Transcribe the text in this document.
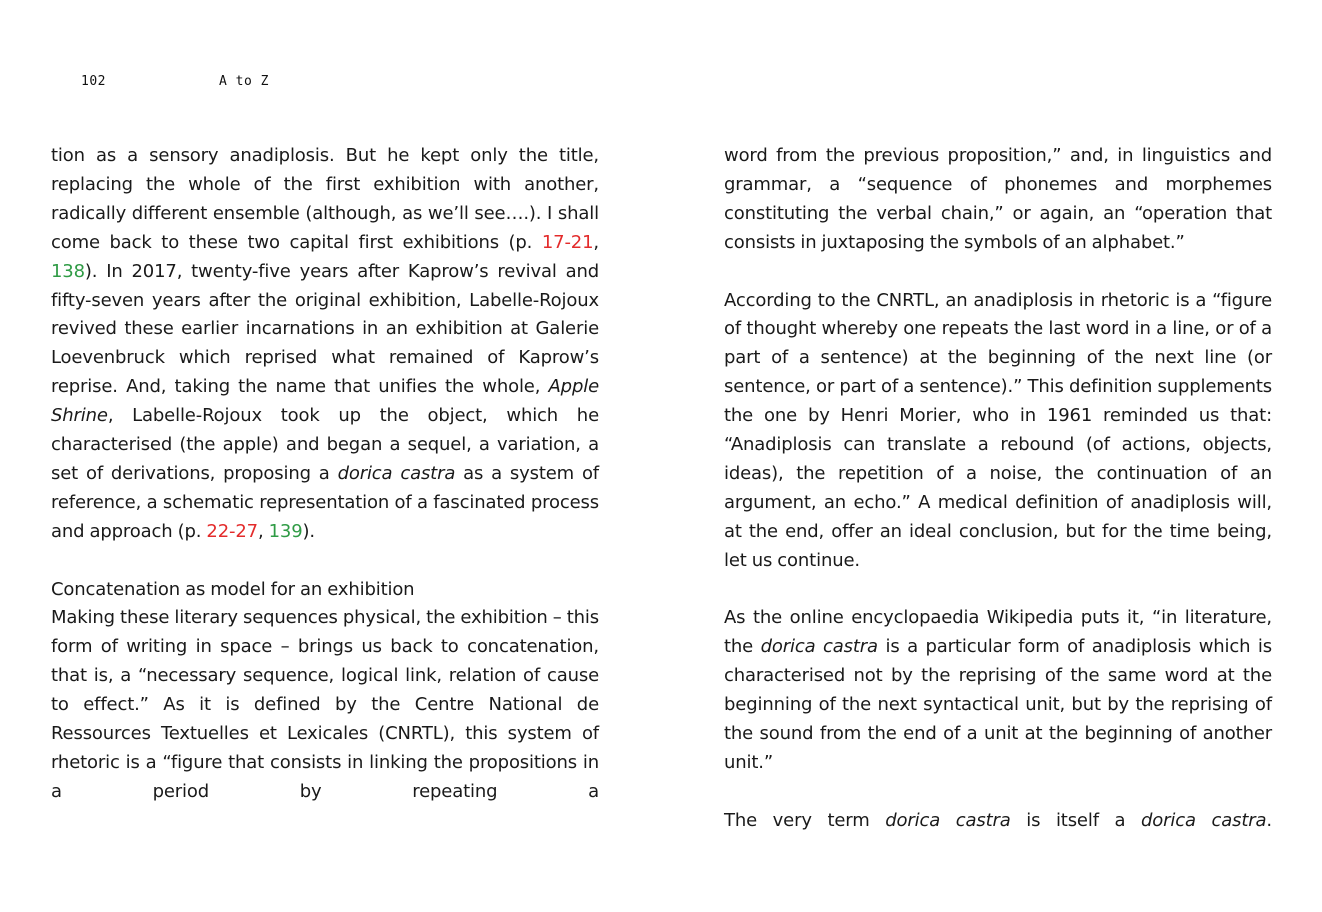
102	A to Z

tion as a sensory anadiplosis. But he kept only the title, replacing the whole of the first exhibition with another, radically different ensemble (although, as we’ll see….). I shall come back to these two capital first exhibitions (p. 17-21, 138). In 2017, twenty-five years after Kaprow’s revival and fifty-seven years after the original exhibition, Labelle-Rojoux revived these earlier incarnations in an exhibition at Galerie Loevenbruck which reprised what remained of Kaprow’s reprise. And, taking the name that unifies the whole, Apple Shrine, Labelle-Rojoux took up the object, which he characterised (the apple) and began a sequel, a variation, a set of derivations, proposing a dorica castra as a system of reference, a schematic representation of a fascinated process and approach (p. 22-27, 139).

Concatenation as model for an exhibition

Making these literary sequences physical, the exhibition – this form of writing in space – brings us back to concatenation, that is, a “necessary sequence, logical link, relation of cause to effect.” As it is defined by the Centre National de Ressources Textuelles et Lexicales (CNRTL), this system of rhetoric is a “figure that consists in linking the propositions in a period by repeating a

word from the previous proposition,” and, in linguistics and grammar, a “sequence of phonemes and morphemes constituting the verbal chain,” or again, an “operation that consists in juxtaposing the symbols of an alphabet.”

According to the CNRTL, an anadiplosis in rhetoric is a “figure of thought whereby one repeats the last word in a line, or of a part of a sentence) at the beginning of the next line (or sentence, or part of a sentence).” This definition supplements the one by Henri Morier, who in 1961 reminded us that: “Anadiplosis can translate a rebound (of actions, objects, ideas), the repetition of a noise, the continuation of an argument, an echo.” A medical definition of anadiplosis will, at the end, offer an ideal conclusion, but for the time being, let us continue.

As the online encyclopaedia Wikipedia puts it, “in literature, the dorica castra is a particular form of anadiplosis which is characterised not by the reprising of the same word at the beginning of the next syntactical unit, but by the reprising of the sound from the end of a unit at the beginning of another unit.”

The very term dorica castra is itself a dorica castra.
